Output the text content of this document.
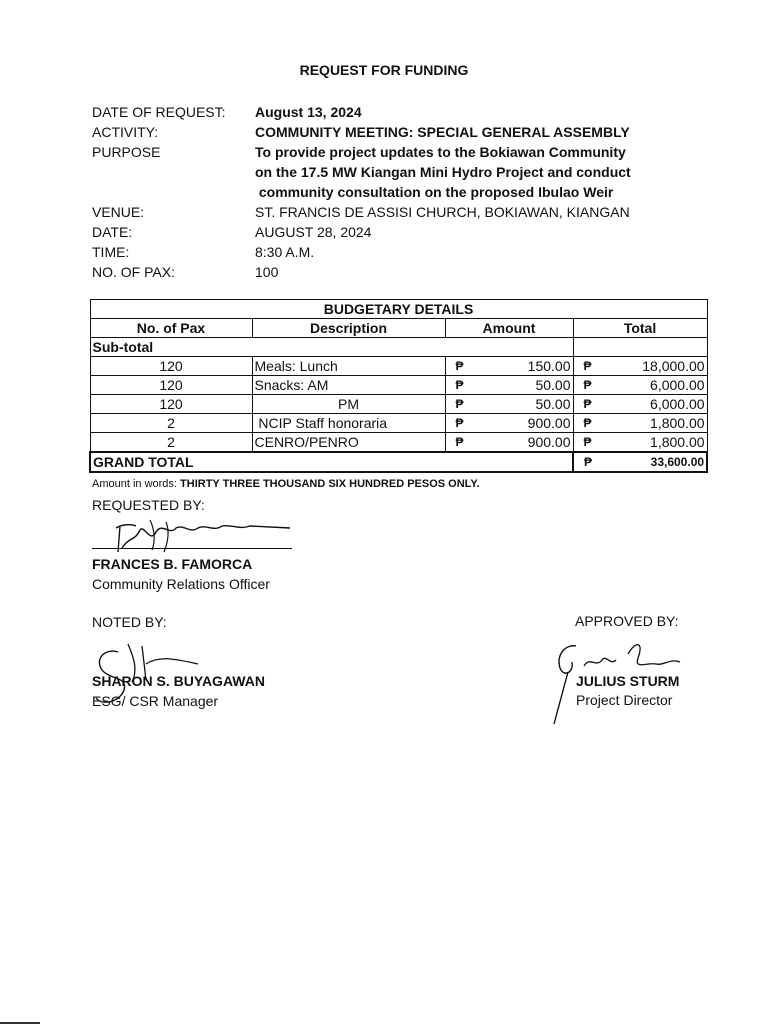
REQUEST FOR FUNDING
DATE OF REQUEST: August 13, 2024
ACTIVITY:	COMMUNITY MEETING: SPECIAL GENERAL ASSEMBLY
PURPOSE	To provide project updates to the Bokiawan Community
on the 17.5 MW Kiangan Mini Hydro Project and conduct
community consultation on the proposed Ibulao Weir
VENUE:	ST. FRANCIS DE ASSISI CHURCH, BOKIAWAN, KIANGAN
DATE:	AUGUST 28, 2024
TIME:	8:30 A.M.
NO. OF PAX:	100
BUDGETARY DETAILS			
No. of Pax	Description	Amount	Total
Sub-total			
120	Meals: Lunch	₱ 150.00	₱ 18,000.00
120	Snacks: AM	₱ 50.00	₱ 6,000.00
120	PM	₱ 50.00	₱ 6,000.00
2	NCIP Staff honoraria	₱ 900.00	₱ 1,800.00
2	CENRO/PENRO	₱ 900.00	₱ 1,800.00
GRAND TOTAL			₱ 33,600.00
Amount in words: THIRTY THREE THOUSAND SIX HUNDRED PESOS ONLY.
REQUESTED BY:
FRANCES B. FAMORCA
Community Relations Officer
NOTED BY:
SHARON S. BUYAGAWAN
ESG/ CSR Manager
APPROVED BY:
JULIUS STURM
Project Director
